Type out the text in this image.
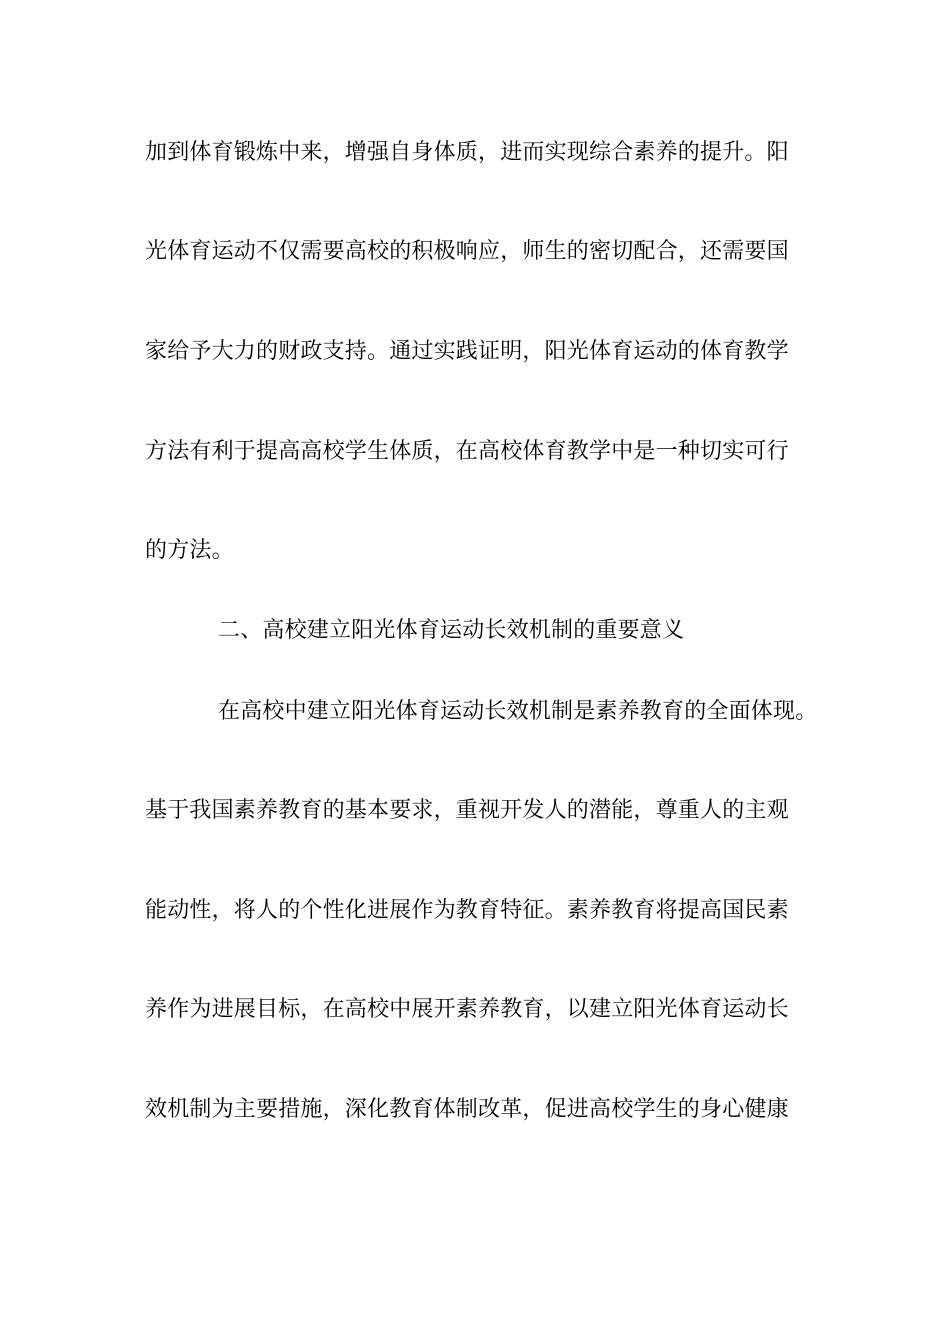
加到体育锻炼中来，增强自身体质，进而实现综合素养的提升。阳
光体育运动不仅需要高校的积极响应，师生的密切配合，还需要国
家给予大力的财政支持。通过实践证明，阳光体育运动的体育教学
方法有利于提高高校学生体质，在高校体育教学中是一种切实可行
的方法。
二、高校建立阳光体育运动长效机制的重要意义
在高校中建立阳光体育运动长效机制是素养教育的全面体现。
基于我国素养教育的基本要求，重视开发人的潜能，尊重人的主观
能动性，将人的个性化进展作为教育特征。素养教育将提高国民素
养作为进展目标，在高校中展开素养教育，以建立阳光体育运动长
效机制为主要措施，深化教育体制改革，促进高校学生的身心健康
